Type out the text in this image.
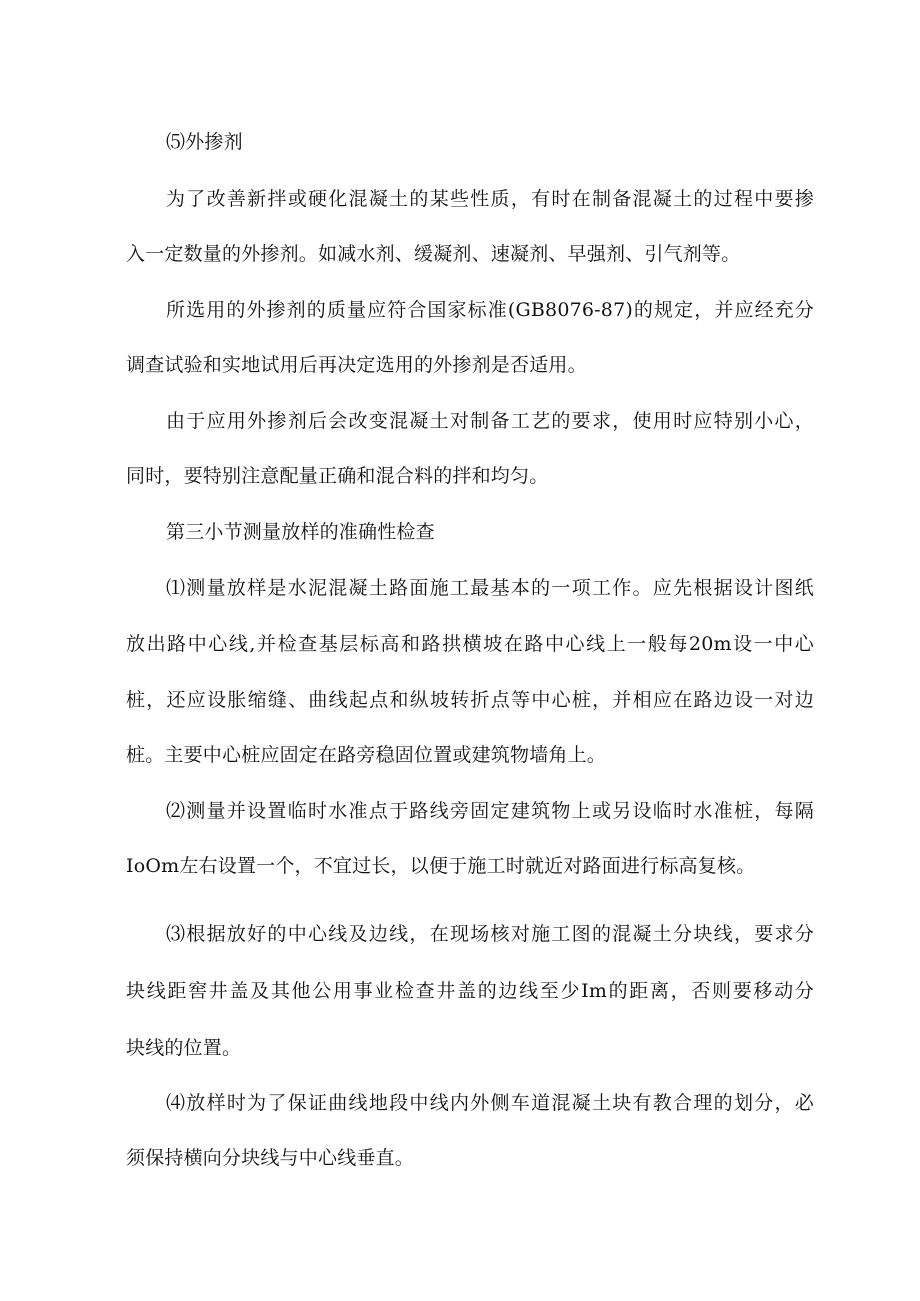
⑸外掺剂
为了改善新拌或硬化混凝土的某些性质，有时在制备混凝土的过程中要掺
入一定数量的外掺剂。如减水剂、缓凝剂、速凝剂、早强剂、引气剂等。
所选用的外掺剂的质量应符合国家标准(GB8076-87)的规定，并应经充分
调查试验和实地试用后再决定选用的外掺剂是否适用。
由于应用外掺剂后会改变混凝土对制备工艺的要求，使用时应特别小心，
同时，要特别注意配量正确和混合料的拌和均匀。
第三小节测量放样的准确性检查
⑴测量放样是水泥混凝土路面施工最基本的一项工作。应先根据设计图纸
放出路中心线,并检查基层标高和路拱横坡在路中心线上一般每20m设一中心
桩，还应设胀缩缝、曲线起点和纵坡转折点等中心桩，并相应在路边设一对边
桩。主要中心桩应固定在路旁稳固位置或建筑物墙角上。
⑵测量并设置临时水准点于路线旁固定建筑物上或另设临时水准桩，每隔
IoOm左右设置一个，不宜过长，以便于施工时就近对路面进行标高复核。
⑶根据放好的中心线及边线，在现场核对施工图的混凝土分块线，要求分
块线距窖井盖及其他公用事业检查井盖的边线至少Im的距离，否则要移动分
块线的位置。
⑷放样时为了保证曲线地段中线内外侧车道混凝土块有教合理的划分，必
须保持横向分块线与中心线垂直。
